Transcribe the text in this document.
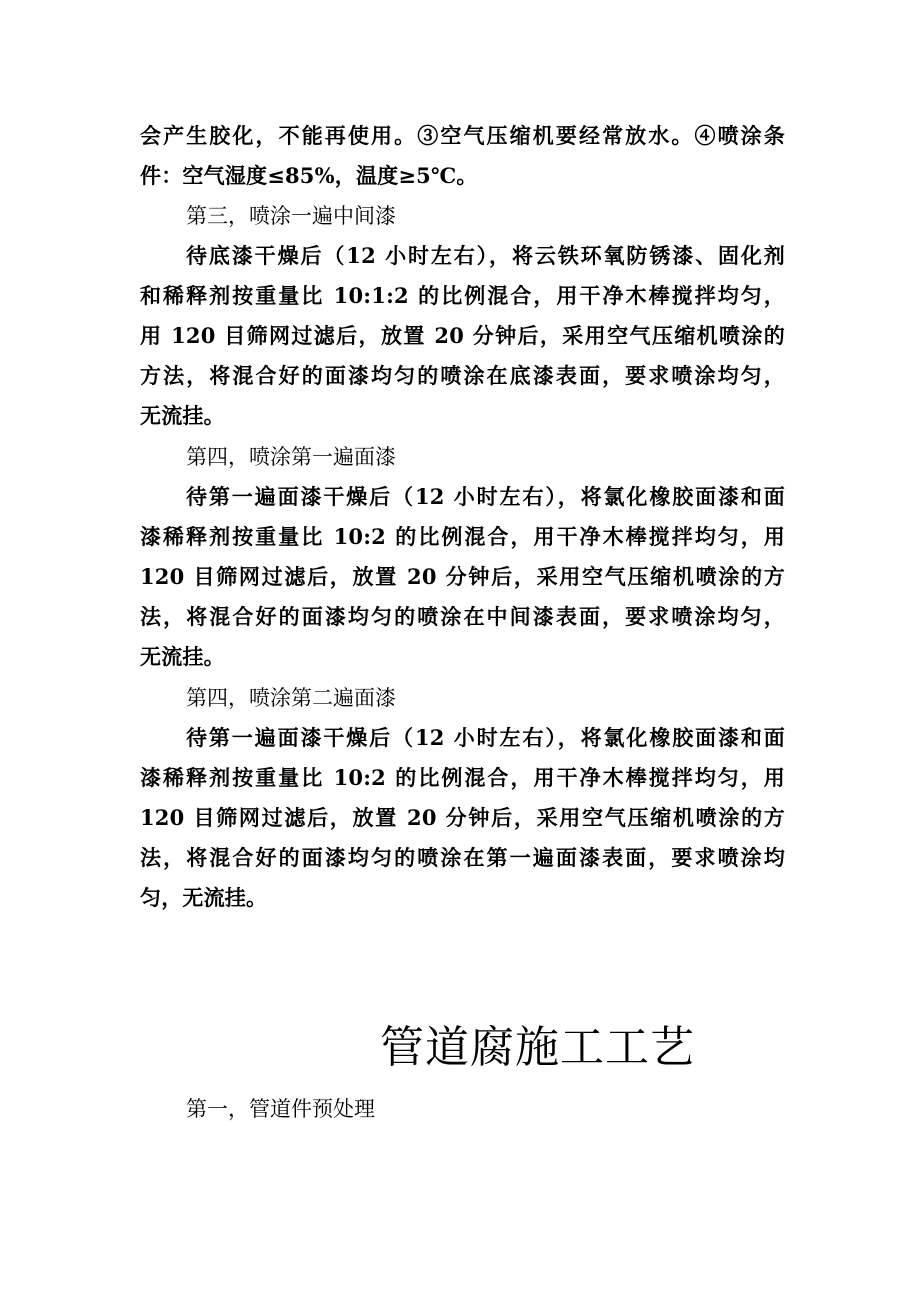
会产生胶化，不能再使用。③空气压缩机要经常放水。④喷涂条
件：空气湿度≤85%，温度≥5℃。
第三，喷涂一遍中间漆
待底漆干燥后（12 小时左右），将云铁环氧防锈漆、固化剂
和稀释剂按重量比 10:1:2 的比例混合，用干净木棒搅拌均匀，
用 120 目筛网过滤后，放置 20 分钟后，采用空气压缩机喷涂的
方法，将混合好的面漆均匀的喷涂在底漆表面，要求喷涂均匀，
无流挂。
第四，喷涂第一遍面漆
待第一遍面漆干燥后（12 小时左右），将氯化橡胶面漆和面
漆稀释剂按重量比 10:2 的比例混合，用干净木棒搅拌均匀，用
120 目筛网过滤后，放置 20 分钟后，采用空气压缩机喷涂的方
法，将混合好的面漆均匀的喷涂在中间漆表面，要求喷涂均匀，
无流挂。
第四，喷涂第二遍面漆
待第一遍面漆干燥后（12 小时左右），将氯化橡胶面漆和面
漆稀释剂按重量比 10:2 的比例混合，用干净木棒搅拌均匀，用
120 目筛网过滤后，放置 20 分钟后，采用空气压缩机喷涂的方
法，将混合好的面漆均匀的喷涂在第一遍面漆表面，要求喷涂均
匀，无流挂。
管道腐施工工艺
第一，管道件预处理
